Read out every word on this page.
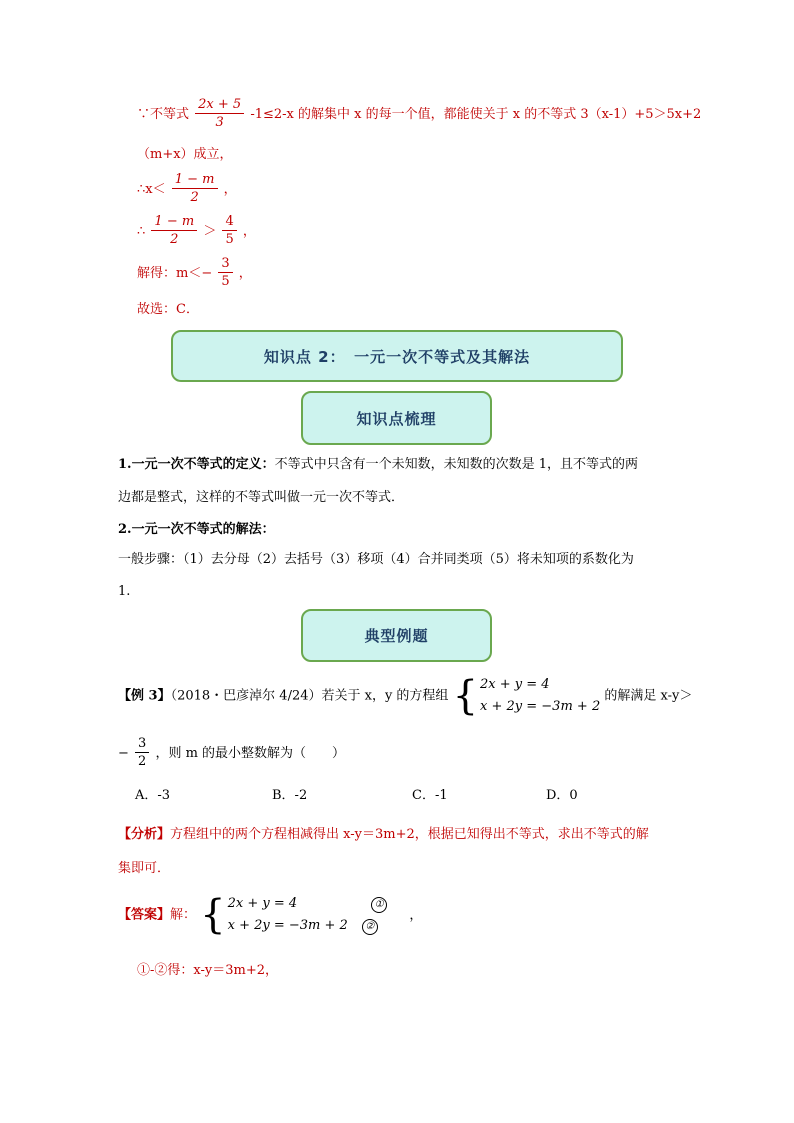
∵不等式 $\frac{2x + 5}{3} -1\le 2-x$ 的解集中 x 的每一个值，都能使关于 x 的不等式 3（x-1）+5＞5x+2
（m+x）成立，
∴x＜ $\frac{1 - m}{2}$ ，
∴ $\frac{1 - m}{2} > \frac{4}{5}$ ，
解得：$m<- \frac{3}{5}$ ，
故选：C．
知识点 2：　一元一次不等式及其解法
知识点梳理
1.一元一次不等式的定义：不等式中只含有一个未知数，未知数的次数是 1，且不等式的两
边都是整式，这样的不等式叫做一元一次不等式．
2.一元一次不等式的解法：
一般步骤：（1）去分母（2）去括号（3）移项（4）合并同类项（5）将未知项的系数化为
1.
典型例题
【例 3】（2018・巴彦淖尔 4/24）若关于 x，y 的方程组 { 2x + y = 4
x + 2y = −3m + 2
的解满足 x-y＞
− $\frac{3}{2}$ ，则 m 的最小整数解为（　　）
A．-3	B．-2	C．-1	D．0
【分析】方程组中的两个方程相减得出 x-y＝3m+2，根据已知得出不等式，求出不等式的解
集即可．
【答案】解： { 2x + y = 4	①
x + 2y = −3m + 2 ②
，
①-②得：x-y＝3m+2，
